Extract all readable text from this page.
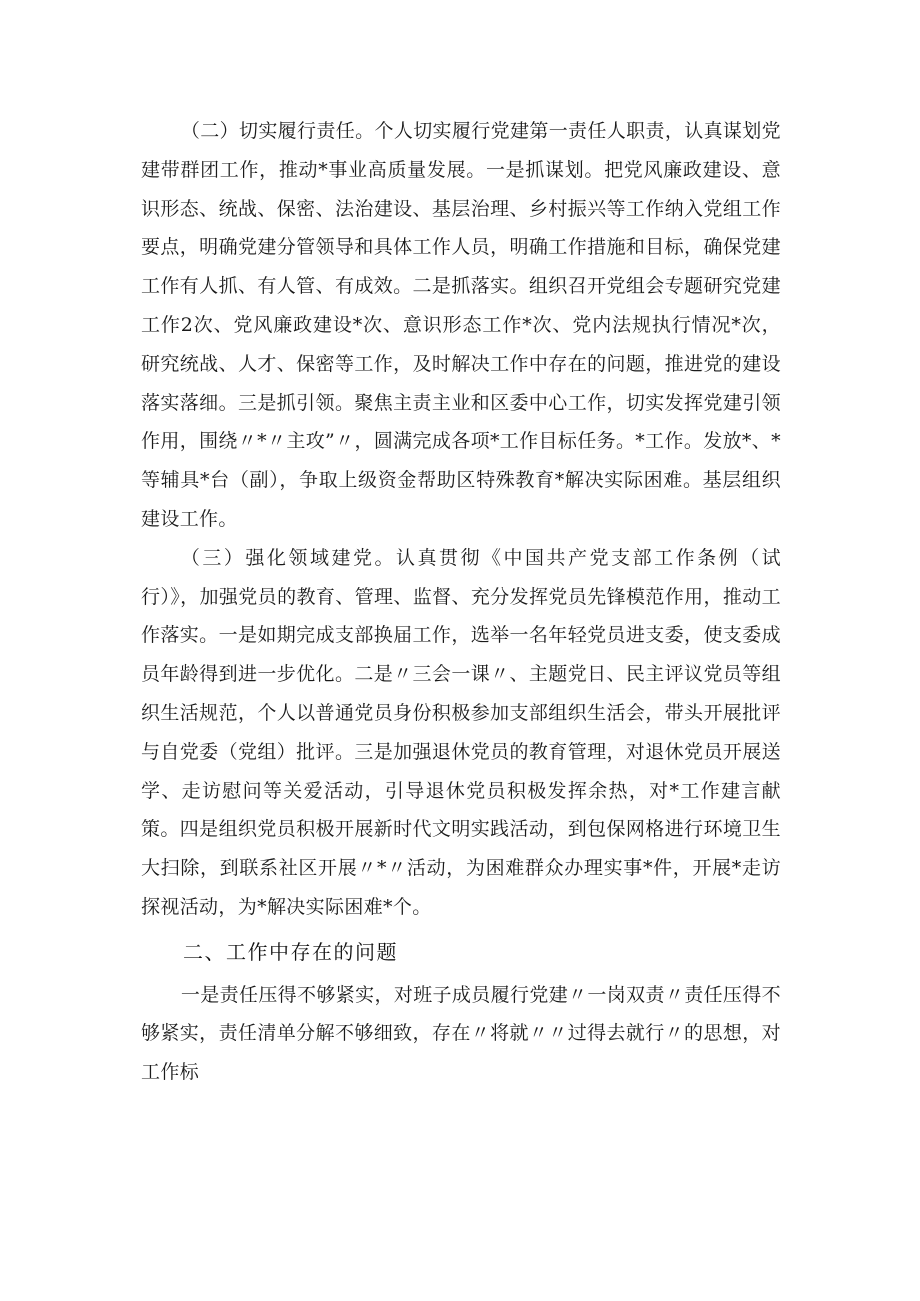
（二）切实履行责任。个人切实履行党建第一责任人职责，认真谋划党建带群团工作，推动*事业高质量发展。一是抓谋划。把党风廉政建设、意识形态、统战、保密、法治建设、基层治理、乡村振兴等工作纳入党组工作要点，明确党建分管领导和具体工作人员，明确工作措施和目标，确保党建工作有人抓、有人管、有成效。二是抓落实。组织召开党组会专题研究党建工作2次、党风廉政建设*次、意识形态工作*次、党内法规执行情况*次，研究统战、人才、保密等工作，及时解决工作中存在的问题，推进党的建设落实落细。三是抓引领。聚焦主责主业和区委中心工作，切实发挥党建引领作用，围绕〃*〃主攻”〃，圆满完成各项*工作目标任务。*工作。发放*、*等辅具*台（副），争取上级资金帮助区特殊教育*解决实际困难。基层组织建设工作。

（三）强化领域建党。认真贯彻《中国共产党支部工作条例（试行）》，加强党员的教育、管理、监督、充分发挥党员先锋模范作用，推动工作落实。一是如期完成支部换届工作，选举一名年轻党员进支委，使支委成员年龄得到进一步优化。二是〃三会一课〃、主题党日、民主评议党员等组织生活规范，个人以普通党员身份积极参加支部组织生活会，带头开展批评与自党委（党组）批评。三是加强退休党员的教育管理，对退休党员开展送学、走访慰问等关爱活动，引导退休党员积极发挥余热，对*工作建言献策。四是组织党员积极开展新时代文明实践活动，到包保网格进行环境卫生大扫除，到联系社区开展〃*〃活动，为困难群众办理实事*件，开展*走访探视活动，为*解决实际困难*个。

二、工作中存在的问题

一是责任压得不够紧实，对班子成员履行党建〃一岗双责〃责任压得不够紧实，责任清单分解不够细致，存在〃将就〃〃过得去就行〃的思想，对工作标
